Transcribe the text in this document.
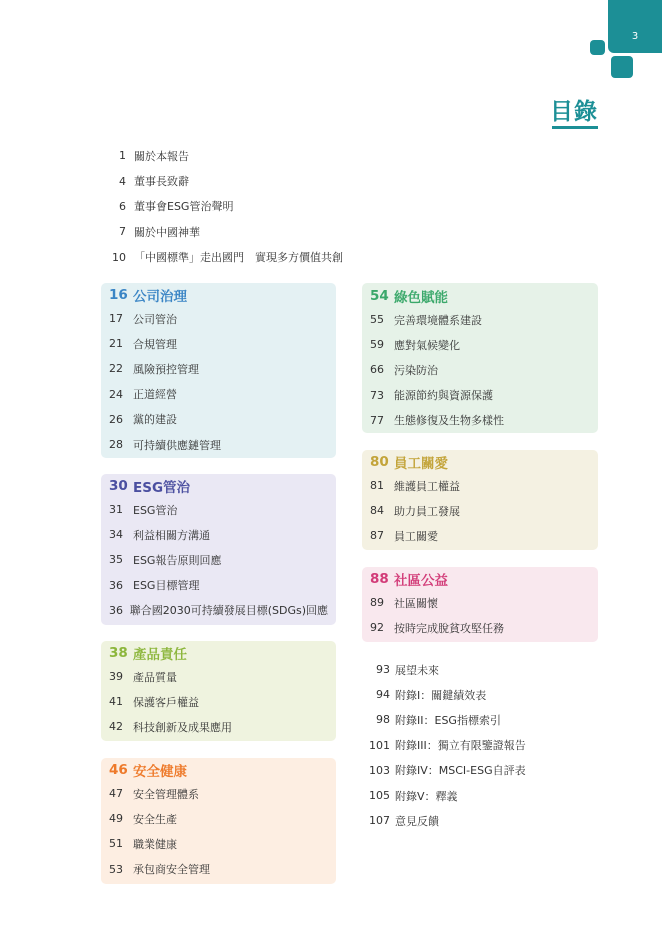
3
目錄
1 關於本報告
4 董事長致辭
6 董事會ESG管治聲明
7 關於中國神華
10 「中國標準」走出國門　實現多方價值共創
16 公司治理
17 公司管治
21 合規管理
22 風險預控管理
24 正道經營
26 黨的建設
28 可持續供應鏈管理
30 ESG管治
31 ESG管治
34 利益相關方溝通
35 ESG報告原則回應
36 ESG目標管理
36 聯合國2030可持續發展目標(SDGs)回應
38 產品責任
39 產品質量
41 保護客戶權益
42 科技創新及成果應用
46 安全健康
47 安全管理體系
49 安全生產
51 職業健康
53 承包商安全管理
54 綠色賦能
55 完善環境體系建設
59 應對氣候變化
66 污染防治
73 能源節約與資源保護
77 生態修復及生物多樣性
80 員工關愛
81 維護員工權益
84 助力員工發展
87 員工關愛
88 社區公益
89 社區關懷
92 按時完成脫貧攻堅任務
93 展望未來
94 附錄I：關鍵績效表
98 附錄II：ESG指標索引
101 附錄III：獨立有限鑒證報告
103 附錄IV：MSCI-ESG自評表
105 附錄V：釋義
107 意見反饋
